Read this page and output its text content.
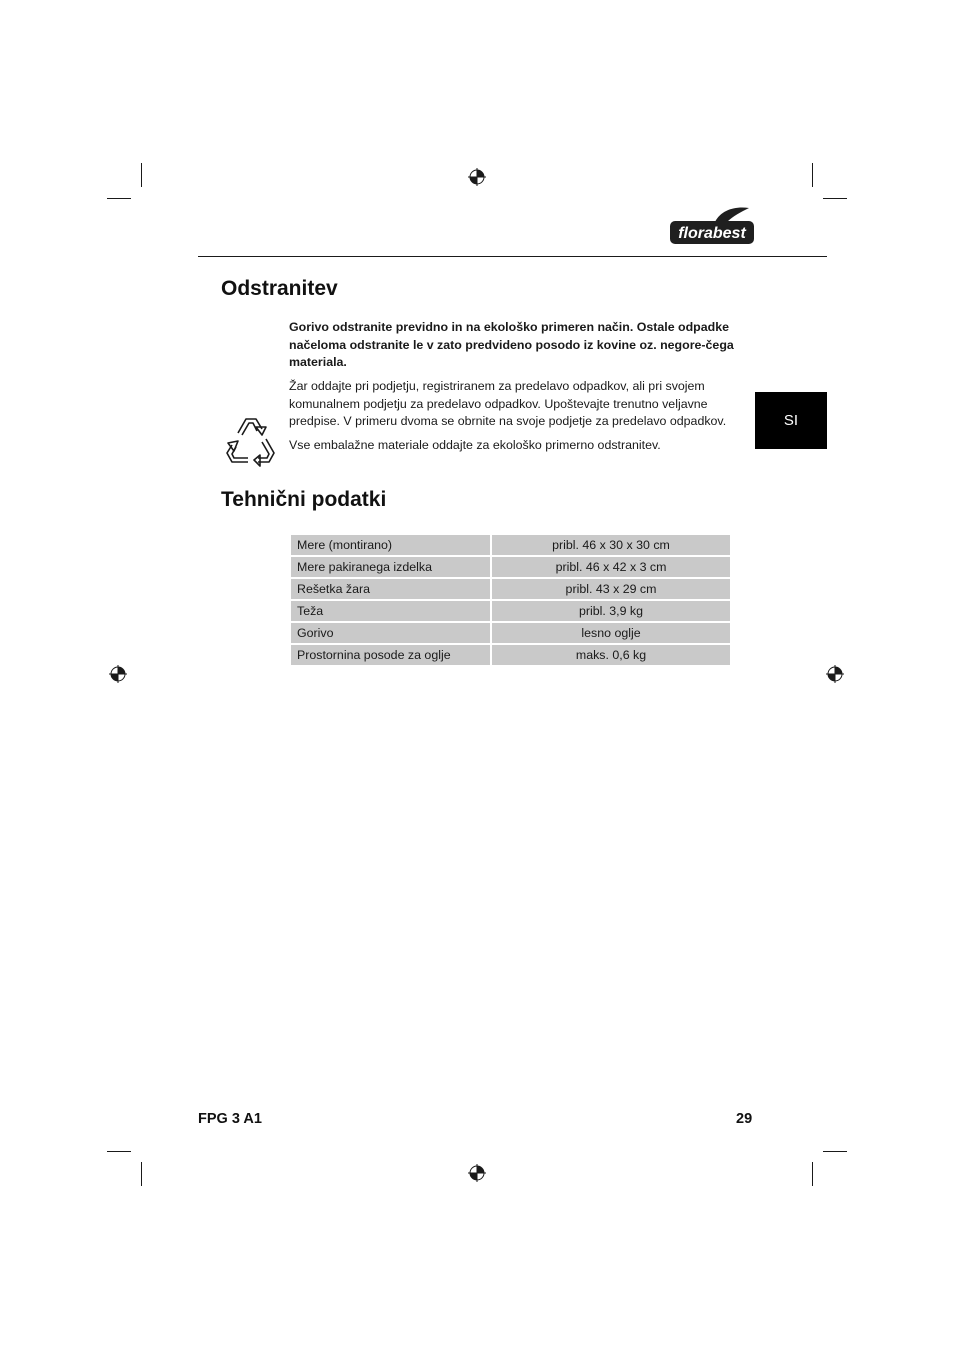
florabest
Odstranitev

Gorivo odstranite previdno in na ekološko primeren način. Ostale odpadke načeloma odstranite le v zato predvideno posodo iz kovine oz. negore-čega materiala.

Žar oddajte pri podjetju, registriranem za predelavo odpadkov, ali pri svojem komunalnem podjetju za predelavo odpadkov. Upoštevajte trenutno veljavne predpise. V primeru dvoma se obrnite na svoje podjetje za predelavo odpadkov.

Vse embalažne materiale oddajte za ekološko primerno odstranitev.

SI
Tehnični podatki
Mere (montirano)	pribl. 46 x 30 x 30 cm
Mere pakiranega izdelka	pribl. 46 x 42 x 3 cm
Rešetka žara	pribl. 43 x 29 cm
Teža	pribl. 3,9 kg
Gorivo	lesno oglje
Prostornina posode za oglje	maks. 0,6 kg
FPG 3 A1	29
